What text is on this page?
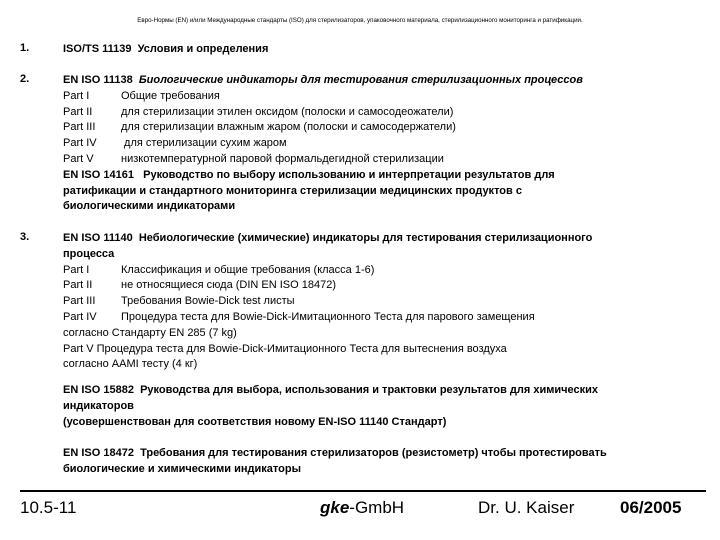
Евро-Нормы (EN) и/или Международные стандарты (ISO) для стерилизаторов, упаковочного материала, стерилизационного мониторинга и ратификации.
1.	ISO/TS 11139 Условия и определения
2.	EN ISO 11138 Биологические индикаторы для тестирования стерилизационных процессов
Part I	Общие требования
Part II	для стерилизации этилен оксидом (полоски и самосодеожатели)
Part III для стерилизации влажным жаром (полоски и самосодержатели)
Part IV для стерилизации сухим жаром
Part V низкотемпературной паровой формальдегидной стерилизации
EN ISO 14161 Руководство по выбору использованию и интерпретации результатов для
ратификации и стандартного мониторинга стерилизации медицинских продуктов с
биологическими индикаторами
3.	EN ISO 11140 Небиологические (химические) индикаторы для тестирования стерилизационного
процесса
Part I	Классификация и общие требования (класса 1-6)
Part II	не относящиеся сюда (DIN EN ISO 18472)
Part III Требования Bowie-Dick test листы
Part IV Процедура теста для Bowie-Dick-Имитационного Теста для парового замещения
согласно Стандарту EN 285 (7 kg)
Part V Процедура теста для Bowie-Dick-Имитационного Теста для вытеснения воздуха
согласно AAMI тесту (4 кг)
EN ISO 15882 Руководства для выбора, использования и трактовки результатов для химических
индикаторов
(усовершенствован для соответствия новому EN-ISO 11140 Стандарт)
EN ISO 18472 Требования для тестирования стерилизаторов (резистометр) чтобы протестировать
биологические и химическими индикаторы
10.5-11	gke-GmbH	Dr. U. Kaiser	06/2005
